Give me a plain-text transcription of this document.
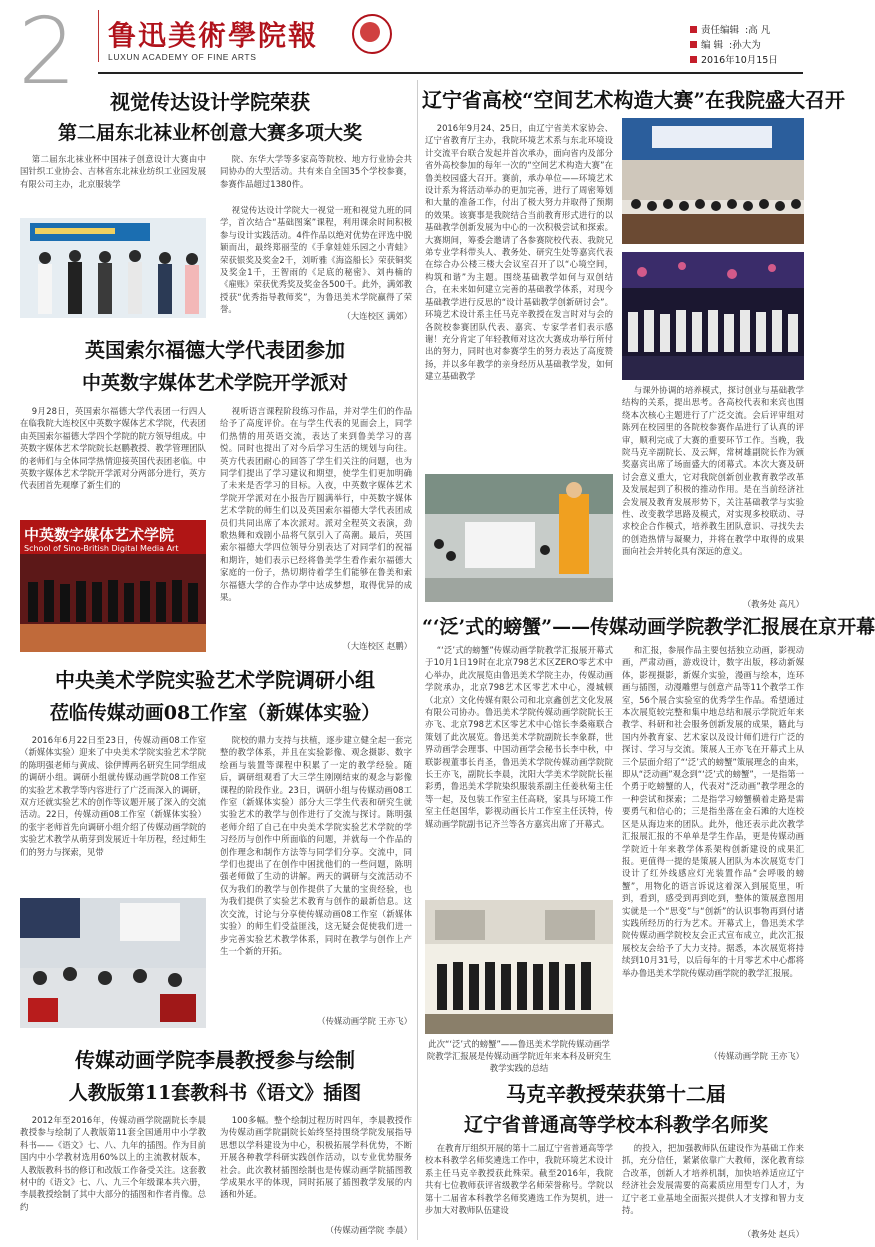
2 鲁迅美術學院報
LUXUN ACADEMY OF FINE ARTS
责任编辑 :高 凡
编 辑 :孙大为
2016年10月15日
视觉传达设计学院荣获
第二届东北袜业杯创意大赛多项大奖

第二届东北袜业杯中国袜子创意设计大赛由中国针织工业协会、吉林省东北袜业纺织工业园发展有限公司主办，北京服装学

院、东华大学等多家高等院校、地方行业协会共同协办的大型活动。共有来自全国35个学校参赛，参赛作品超过1380件。

视觉传达设计学院大一视觉一班和视觉九班的同学，首次结合“基础图案”课程，利用课余时间积极参与设计实践活动。4件作品以绝对优势在评选中脱颖而出，最终郑丽莹的《手拿娃娃乐园之小青蛙》荣获银奖及奖金2千，刘昕雅《海盗船长》荣获铜奖及奖金1千，王智雨的《足底的秘密》、刘冉楠的《雇账》荣获优秀奖及奖金各500千。此外，满郊教授获“优秀指导教师奖”，为鲁迅美术学院赢得了荣誉。

（大连校区 满郊）
英国索尔福德大学代表团参加
中英数字媒体艺术学院开学派对

9月28日，英国索尔福德大学代表团一行四人在临我院大连校区中英数字媒体艺术学院，代表团由英国索尔福德大学四个学院的院方领导组成。中英数字媒体艺术学院院长赵鹏教授、教学管理团队的老师们与全体同学热情迎接英国代表团老临。中英数字媒体艺术学院开学派对分两部分进行，英方代表团首先观摩了新生们的

中英数字媒体艺术学院
School of Sino-British Digital Media Art

视听语言课程阶段练习作品，并对学生们的作品给予了高度评价。在与学生代表的见面会上，同学们热情的用英语交流，表达了来到鲁美学习的喜悦。同时也提出了对今后学习生活的规划与向往。英方代表团耐心的回答了学生们关注的问题，也为同学们提出了学习建议和期望，使学生们更加明确了未来是否学习的目标。入夜，中英数字媒体艺术学院开学派对在小报告厅圆满举行，中英数字媒体艺术学院的师生们以及英国索尔福德大学代表团成员们共同出席了本次派对。派对全程英文表演，劲歌热舞和戏剧小品将气氛引入了高潮。最后，英国索尔福德大学四位领导分别表达了对同学们的祝福和期许，她们表示已经将鲁美学生看作索尔福德大家庭的一份子，热切期待着学生们能够在鲁美和索尔福德大学的合作办学中达成梦想，取得优异的成果。

（大连校区 赵鹏）
中央美术学院实验艺术学院调研小组
莅临传媒动画08工作室（新媒体实验）

2016年6月22日至23日，传媒动画08工作室（新媒体实验）迎来了中央美术学院实验艺术学院的陈明强老师与黄成、徐伊博两名研究生同学组成的调研小组。调研小组就传媒动画学院08工作室的实验艺术教学等内容进行了广泛而深入的调研，双方还就实验艺术的创作等议题开展了深入的交流活动。22日，传媒动画08工作室（新媒体实验）的张宇老师首先向调研小组介绍了传媒动画学院的实验艺术教学从萌芽到发展近十年历程，经过师生们的努力与探索，见带

院校的鼎力支持与扶植，逐步建立健全起一套完整的教学体系，并且在实验影像、观念摄影、数字绘画与装置等课程中积累了一定的教学经验。随后，调研组观看了大三学生刚刚结束的观念与影像课程的阶段作业。23日，调研小组与传媒动画08工作室（新媒体实验）部分大三学生代表和研究生就实验艺术的教学与创作进行了交流与探讨。陈明强老师介绍了自己在中央美术学院实验艺术学院的学习经历与创作中所面临的问题，并就每一个作品的创作理念和制作方法等与同学们分享。交流中，同学们也提出了在创作中困扰他们的一些问题，陈明强老师做了生动的讲解。两天的调研与交流活动不仅为我们的教学与创作提供了大量的宝贵经验，也为我们提供了实验艺术教育与创作的最新信息。这次交流，讨论与分享使传媒动画08工作室（新媒体实验）的师生们受益匪浅，这无疑会促使我们进一步完善实验艺术教学体系，同时在教学与创作上产生一个新的开拓。

（传媒动画学院 王亦飞）
传媒动画学院李晨教授参与绘制
人教版第11套教科书《语文》插图

2012年至2016年，传媒动画学院副院长李晨教授参与绘制了人教版第11套全国通用中小学教科书——《语文》七、八、九年的插图。作为目前国内中小学教材选用60%以上的主流教材版本，人教版教科书的修订和改版工作备受关注。这套教材中的《语文》七、八、九三个年级课本共六册，李晨教授绘制了其中大部分的插图和作者肖像。总约

100多幅。整个绘制过程历时四年，李晨教授作为传媒动画学院副院长始终坚持围绕学院发展指导思想以学科建设为中心，积极拓展学科优势，不断开展各种教学科研实践创作活动，以专业优势服务社会。此次教材插图绘制也是传媒动画学院插图教学成果水平的体现，同时拓展了插图教学发展的内涵和外延。

（传媒动画学院 李晨）
辽宁省高校“空间艺术构造大赛”在我院盛大召开

2016年9月24、25日，由辽宁省美术家协会、辽宁省教育厅主办，我院环境艺术系与东北环境设计交流平台联合发起并首次承办，面向省内及部分省外高校参加的每年一次的“空间艺术构造大赛”在鲁美校园盛大召开。赛前，承办单位——环境艺术设计系为将活动举办的更加完善，进行了周密筹划和大量的准备工作，付出了极大努力并取得了预期的效果。该赛事是我院结合当前教育形式进行的以基础教学创新发展为中心的一次积极尝试和探索。大赛期间，筹委会邀请了各参赛院校代表、我院兄弟专业学科带头人、教务处、研究生处等嘉宾代表在综合办公楼三楼大会议室召开了以“心境空间，构筑和谐”为主题。围绕基础教学如何与双创结合，在未来如何建立完善的基础教学体系，对现今基础教学进行反思的“设计基础教学创新研讨会”。环境艺术设计系主任马克辛教授在发言时对与会的各院校参赛团队代表、嘉宾、专家学者们表示感谢！充分肯定了年轻教师对这次大赛成功举行所付出的努力，同时也对参赛学生的努力表达了高度赞扬，并以多年教学的亲身经历从基础教学发，如何建立基础教学

与课外协调的培养模式，探讨创业与基础教学结构的关系，提出思考。各高校代表和来宾也围绕本次核心主题进行了广泛交流。会后评审组对陈列在校园里的各院校参赛作品进行了认真的评审，顺利完成了大赛的重要环节工作。当晚，我院马克辛副院长、及云辉，常树雄副院长作为颁奖嘉宾出席了场面盛大的闭幕式。本次大赛及研讨会意义重大，它对我院创新创业教育教学改革及发展起到了积极的推动作用。是在当前经济社会发展及教育发展形势下，关注基础教学与实验性、改变教学思路及模式，对实现多校联动、寻求校企合作模式，培养教生团队意识、寻找失去的创造热情与凝聚力，并将在教学中取得的成果面向社会并转化具有深远的意义。

（教务处 高凡）
“‘泛’式的螃蟹”——传媒动画学院教学汇报展在京开幕

“‘泛’式的螃蟹”传媒动画学院教学汇报展开幕式于10月1日19时在北京798艺术区ZERO零艺术中心举办，此次展览由鲁迅美术学院主办，传媒动画学院承办，北京798艺术区零艺术中心，漫城顿（北京）文化传媒有限公司和北京鑫创艺文化发展有限公司协办。鲁迅美术学院传媒动画学院院长王亦飞、北京798艺术区零艺术中心馆长李桑雍联合策划了此次展览。鲁迅美术学院副院长李象群，世界动画学会理事、中国动画学会秘书长李中秋，中联影视董事长肖圣，鲁迅美术学院传媒动画学院院长王亦飞，副院长李晨，沈阳大学美术学院院长崔彩勇，鲁迅美术学院染织服装系副主任姜秋菊主任等一起，及包装工作室主任高晓，家具与环境工作室主任赵国华，影视动画长片工作室主任沃特，传媒动画学院副书记齐兰等各方嘉宾出席了开幕式。

此次“‘泛’式的螃蟹”——鲁迅美术学院传媒动画学院教学汇报展是传媒动画学院近年来本科及研究生教学实践的总结

和汇报，参展作品主要包括独立动画，影视动画，严肃动画，游戏设计，数字出版，移动新媒体，影视摄影，新媒介实验，漫画与绘本，连环画与插图，动漫雕塑与创意产品等11个教学工作室，56个展合实验室的优秀学生作品。希望通过本次展览较完整和集中地总结和展示学院近年来教学、科研和社会服务创新发展的成果，籍此与国内外教育家、艺术家以及设计师们进行广泛的探讨、学习与交流。策展人王亦飞在开幕式上从三个层面介绍了“‘泛’式的螃蟹”策展理念的由来，即从“泛动画”观念到“‘泛’式的螃蟹”，一是指第一个勇于吃螃蟹的人，代表对“泛动画”教学理念的一种尝试和探索；二是指学习螃蟹横着走路是需要勇气和信心的；三是指坐落在金石滩的大连校区是从海边来的团队。此外，他还表示此次教学汇报展汇报的不单单是学生作品，更是传媒动画学院近十年来教学体系架构创新建设的成果汇报。更值得一提的是策展人团队为本次展览专门设计了红外线感应灯光装置作品“会呼吸的螃蟹”，用物化的语言诉说这着深入到展览里，听到，看到，感受到再到吃到，整体的策展意图用实就是一个“思变”与“创新”的认识事物再到付诸实践所经历的行为艺术。开幕式上，鲁迅美术学院传媒动画学院校友会正式宣布成立，此次汇报展校友会给予了大力支持。据悉，本次展览将持续到10月31号，以后每年的十月零艺术中心都将举办鲁迅美术学院传媒动画学院的教学汇报展。

（传媒动画学院 王亦飞）
马克辛教授荣获第十二届
辽宁省普通高等学校本科教学名师奖

在教育厅组织开展的第十二届辽宁省普通高等学校本科教学名师奖遴选工作中，我院环境艺术设计系主任马克辛教授获此殊荣。截至2016年，我院共有七位教师获评省级教学名师荣誉称号。学院以第十二届省本科教学名师奖遴选工作为契机，进一步加大对教师队伍建设

的投入，把加强教师队伍建设作为基础工作来抓，充分信任，紧紧依靠广大教师，深化教育综合改革，创新人才培养机制，加快培养适应辽宁经济社会发展需要的高素质应用型专门人才，为辽宁老工业基地全面振兴提供人才支撑和智力支持。

（教务处 赵兵）
